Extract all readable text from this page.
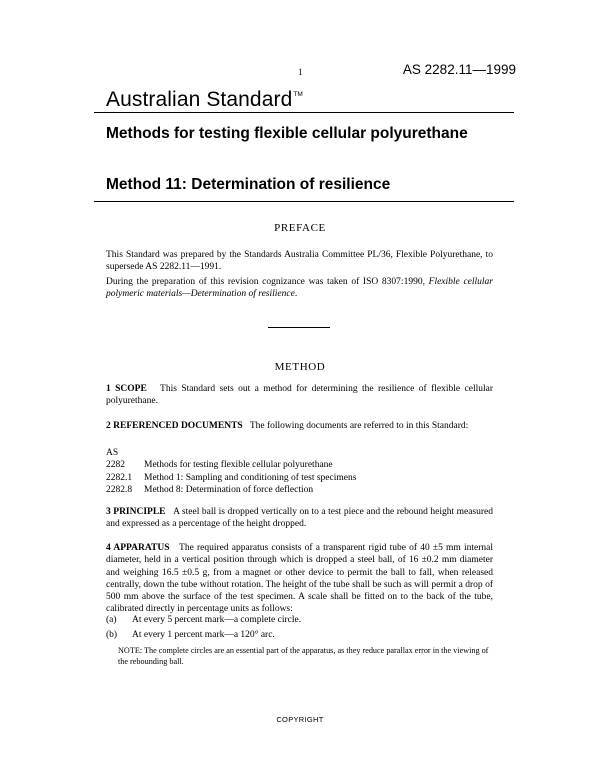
1	AS 2282.11—1999
Australian Standard™
Methods for testing flexible cellular polyurethane
Method 11: Determination of resilience
PREFACE
This Standard was prepared by the Standards Australia Committee PL/36, Flexible Polyurethane, to supersede AS 2282.11—1991.
During the preparation of this revision cognizance was taken of ISO 8307:1990, Flexible cellular polymeric materials—Determination of resilience.
METHOD
1 SCOPE This Standard sets out a method for determining the resilience of flexible cellular polyurethane.
2 REFERENCED DOCUMENTS The following documents are referred to in this Standard:
AS
2282	Methods for testing flexible cellular polyurethane
2282.1	Method 1: Sampling and conditioning of test specimens
2282.8	Method 8: Determination of force deflection
3 PRINCIPLE A steel ball is dropped vertically on to a test piece and the rebound height measured and expressed as a percentage of the height dropped.
4 APPARATUS The required apparatus consists of a transparent rigid tube of 40 ±5 mm internal diameter, held in a vertical position through which is dropped a steel ball, of 16 ±0.2 mm diameter and weighing 16.5 ±0.5 g, from a magnet or other device to permit the ball to fall, when released centrally, down the tube without rotation. The height of the tube shall be such as will permit a drop of 500 mm above the surface of the test specimen. A scale shall be fitted on to the back of the tube, calibrated directly in percentage units as follows:
(a)	At every 5 percent mark—a complete circle.
(b)	At every 1 percent mark—a 120° arc.
NOTE: The complete circles are an essential part of the apparatus, as they reduce parallax error in the viewing of the rebounding ball.
COPYRIGHT
